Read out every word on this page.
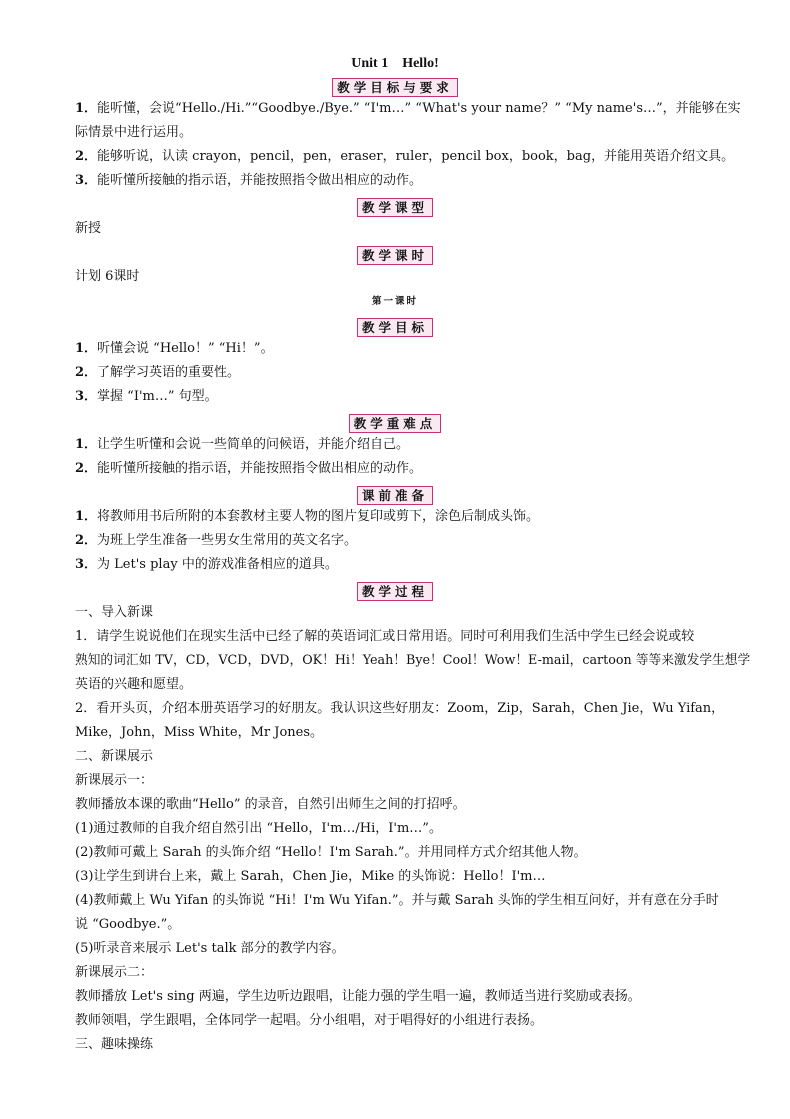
Unit 1　Hello!
教学目标与要求
1．能听懂，会说“Hello./Hi.”“Goodbye./Bye.” “I'm…” “What's your name？” “My name's…”，并能够在实
际情景中进行运用。
2．能够听说，认读 crayon，pencil，pen，eraser，ruler，pencil box，book，bag，并能用英语介绍文具。
3．能听懂所接触的指示语，并能按照指令做出相应的动作。
教学课型
新授
教学课时
计划 6课时
第一课时
教学目标
1．听懂会说 “Hello！” “Hi！”。
2．了解学习英语的重要性。
3．掌握 “I'm…” 句型。
教学重难点
1．让学生听懂和会说一些简单的问候语，并能介绍自己。
2．能听懂所接触的指示语，并能按照指令做出相应的动作。
课前准备
1．将教师用书后所附的本套教材主要人物的图片复印或剪下，涂色后制成头饰。
2．为班上学生准备一些男女生常用的英文名字。
3．为 Let's play 中的游戏准备相应的道具。
教学过程
一、导入新课
1．请学生说说他们在现实生活中已经了解的英语词汇或日常用语。同时可利用我们生活中学生已经会说或较
熟知的词汇如 TV，CD，VCD，DVD，OK！Hi！Yeah！Bye！Cool！Wow！E-mail，cartoon 等等来激发学生想学
英语的兴趣和愿望。
2．看开头页，介绍本册英语学习的好朋友。我认识这些好朋友：Zoom，Zip，Sarah，Chen Jie，Wu Yifan，
Mike，John，Miss White，Mr Jones。
二、新课展示
新课展示一：
教师播放本课的歌曲“Hello” 的录音，自然引出师生之间的打招呼。
(1)通过教师的自我介绍自然引出 “Hello，I'm…/Hi，I'm…”。
(2)教师可戴上 Sarah 的头饰介绍 “Hello！I'm Sarah.”。并用同样方式介绍其他人物。
(3)让学生到讲台上来，戴上 Sarah，Chen Jie，Mike 的头饰说：Hello！I'm…
(4)教师戴上 Wu Yifan 的头饰说 “Hi！I'm Wu Yifan.”。并与戴 Sarah 头饰的学生相互问好，并有意在分手时
说 “Goodbye.”。
(5)听录音来展示 Let's talk 部分的教学内容。
新课展示二：
教师播放 Let's sing 两遍，学生边听边跟唱，让能力强的学生唱一遍，教师适当进行奖励或表扬。
教师领唱，学生跟唱，全体同学一起唱。分小组唱，对于唱得好的小组进行表扬。
三、趣味操练
